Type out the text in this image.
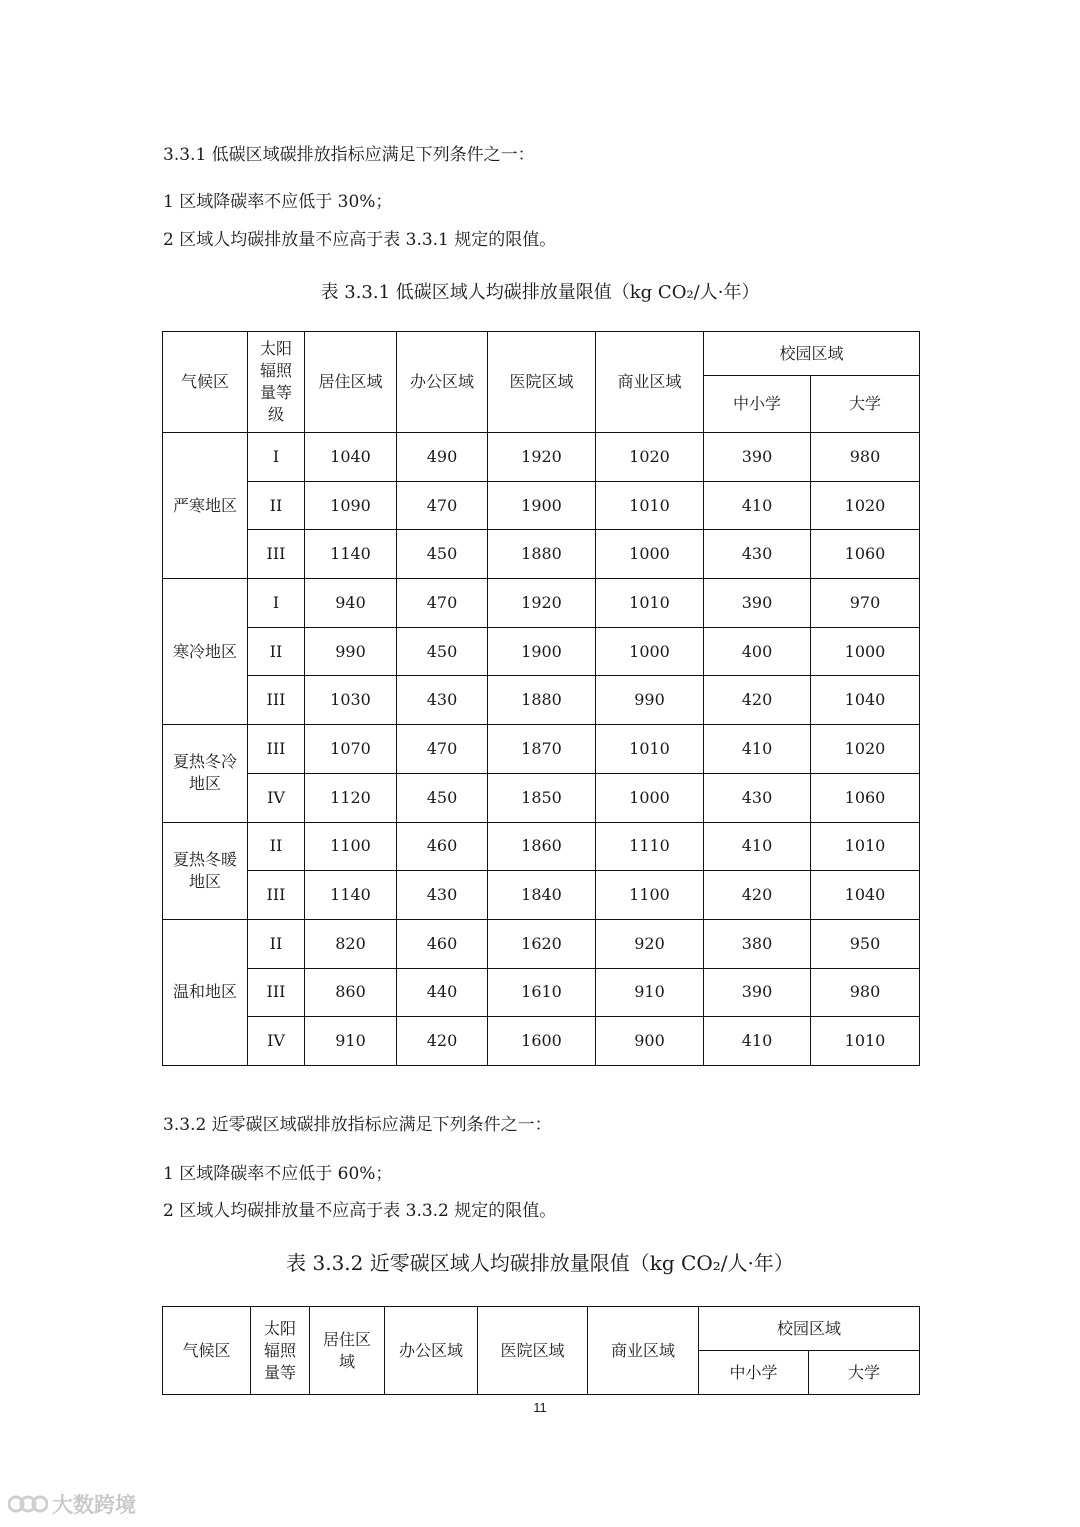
3.3.1 低碳区域碳排放指标应满足下列条件之一：

1 区域降碳率不应低于 30%；

2 区域人均碳排放量不应高于表 3.3.1 规定的限值。

表 3.3.1 低碳区域人均碳排放量限值（kg CO₂/人·年）

气候区	太阳辐照量等级	居住区域	办公区域	医院区域	商业区域	校园区域	
						中小学	大学
严寒地区	I	1040	490	1920	1020	390	980
	II	1090	470	1900	1010	410	1020
	III	1140	450	1880	1000	430	1060
寒冷地区	I	940	470	1920	1010	390	970
	II	990	450	1900	1000	400	1000
	III	1030	430	1880	990	420	1040
夏热冬冷地区	III	1070	470	1870	1010	410	1020
	IV	1120	450	1850	1000	430	1060
夏热冬暖地区	II	1100	460	1860	1110	410	1010
	III	1140	430	1840	1100	420	1040
温和地区	II	820	460	1620	920	380	950
	III	860	440	1610	910	390	980
	IV	910	420	1600	900	410	1010

3.3.2 近零碳区域碳排放指标应满足下列条件之一：

1 区域降碳率不应低于 60%；

2 区域人均碳排放量不应高于表 3.3.2 规定的限值。

表 3.3.2 近零碳区域人均碳排放量限值（kg CO₂/人·年）

气候区	太阳辐照量等	居住区域	办公区域	医院区域	商业区域	校园区域	
						中小学	大学
11
大数跨境
